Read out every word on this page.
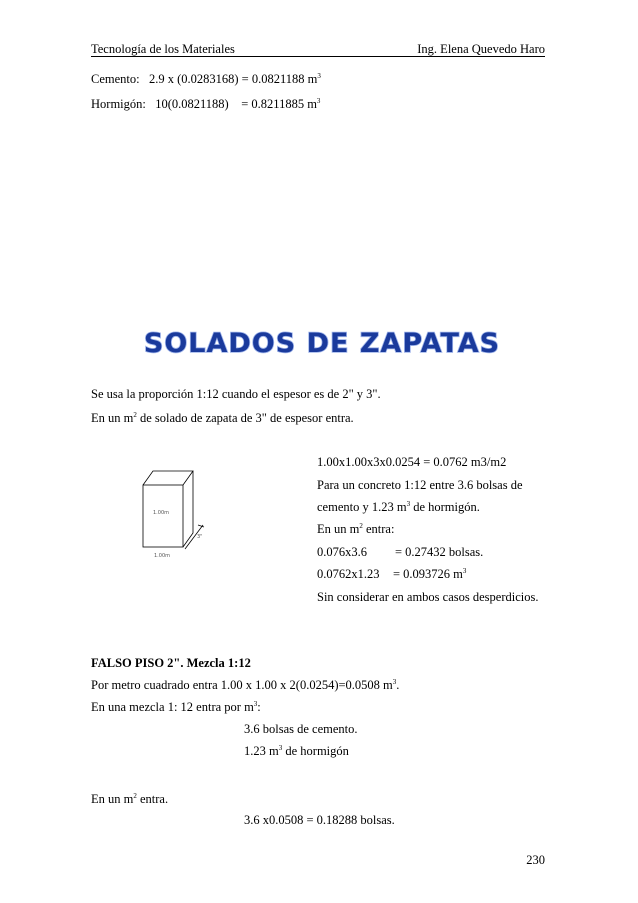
Tecnología de los Materiales	Ing. Elena Quevedo Haro
Cemento: 2.9 x (0.0283168) = 0.0821188 $m^3$
Hormigón: 10(0.0821188) = 0.8211885 $m^3$
SOLADOS DE ZAPATAS
Se usa la proporción 1:12 cuando el espesor es de 2" y 3".
En un $m^2$ de solado de zapata de 3" de espesor entra.
1.00m
1.00m
3"
1.00x1.00x3x0.0254 = 0.0762 m3/m2
Para un concreto 1:12 entre 3.6 bolsas de
cemento y 1.23 $m^3$ de hormigón.
En un $m^2$ entra:
0.076x3.6 = 0.27432 bolsas.
0.0762x1.23 = 0.093726 $m^3$
Sin considerar en ambos casos desperdicios.
FALSO PISO 2". Mezcla 1:12
Por metro cuadrado entra 1.00 x 1.00 x 2(0.0254)=0.0508 $m^3$.
En una mezcla 1: 12 entra por $m^3$:
3.6 bolsas de cemento.
1.23 $m^3$ de hormigón
En un $m^2$ entra.
3.6 x0.0508 = 0.18288 bolsas.
230
